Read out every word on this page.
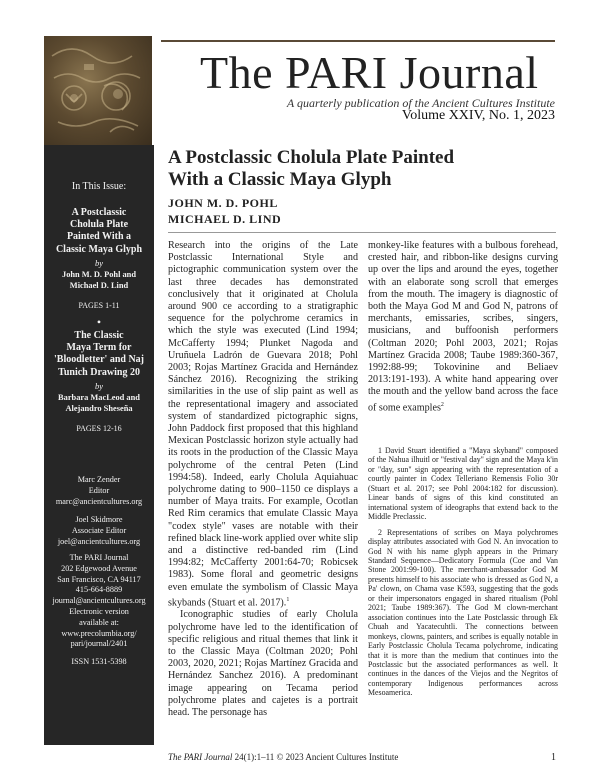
The PARI Journal
A quarterly publication of the Ancient Cultures Institute
Volume XXIV, No. 1, 2023
In This Issue:
A Postclassic
Cholula Plate
Painted With a
Classic Maya Glyph
by
John M. D. Pohl and
Michael D. Lind
PAGES 1-11
•
The Classic
Maya Term for
'Bloodletter' and Naj
Tunich Drawing 20
by
Barbara MacLeod and
Alejandro Sheseña
PAGES 12-16
Marc Zender
Editor
marc@ancientcultures.org
Joel Skidmore
Associate Editor
joel@ancientcultures.org
The PARI Journal
202 Edgewood Avenue
San Francisco, CA 94117
415-664-8889
journal@ancientcultures.org
Electronic version
available at:
www.precolumbia.org/
pari/journal/2401
ISSN 1531-5398
A Postclassic Cholula Plate Painted
With a Classic Maya Glyph
JOHN M. D. POHL
MICHAEL D. LIND

Research into the origins of the Late Postclassic International Style and pictographic communication system over the last three decades has demonstrated conclusively that it originated at Cholula around 900 ce according to a stratigraphic sequence for the polychrome ceramics in which the style was executed (Lind 1994; McCafferty 1994; Plunket Nagoda and Uruñuela Ladrón de Guevara 2018; Pohl 2003; Rojas Martínez Gracida and Hernández Sánchez 2016). Recognizing the striking similarities in the use of slip paint as well as the representational imagery and associated system of standardized pictographic signs, John Paddock first proposed that this highland Mexican Postclassic horizon style actually had its roots in the production of the Classic Maya polychrome of the central Peten (Lind 1994:58). Indeed, early Cholula Aquiahuac polychrome dating to 900–1150 ce displays a number of Maya traits. For example, Ocotlan Red Rim ceramics that emulate Classic Maya "codex style" vases are notable with their refined black line-work applied over white slip and a distinctive red-banded rim (Lind 1994:82; McCafferty 2001:64-70; Robicsek 1983). Some floral and geometric designs even emulate the symbolism of Classic Maya skybands (Stuart et al. 2017).$^1$

Iconographic studies of early Cholula polychrome have led to the identification of specific religious and ritual themes that link it to the Classic Maya (Coltman 2020; Pohl 2003, 2020, 2021; Rojas Martínez Gracida and Hernández Sanchez 2016). A predominant image appearing on Tecama period polychrome plates and cajetes is a portrait head. The personage has

monkey-like features with a bulbous forehead, crested hair, and ribbon-like designs curving up over the lips and around the eyes, together with an elaborate song scroll that emerges from the mouth. The imagery is diagnostic of both the Maya God M and God N, patrons of merchants, emissaries, scribes, singers, musicians, and buffoonish performers (Coltman 2020; Pohl 2003, 2021; Rojas Martínez Gracida 2008; Taube 1989:360-367, 1992:88-99; Tokovinine and Beliaev 2013:191-193). A white hand appearing over the mouth and the yellow band across the face of some examples$^2$

1 David Stuart identified a "Maya skyband" composed of the Nahua ilhuitl or "festival day" sign and the Maya k'in or "day, sun" sign appearing with the representation of a courtly painter in Codex Telleriano Remensis Folio 30r (Stuart et al. 2017; see Pohl 2004:182 for discussion). Linear bands of signs of this kind constituted an international system of ideographs that extend back to the Middle Preclassic.

2 Representations of scribes on Maya polychromes display attributes associated with God N. An invocation to God N with his name glyph appears in the Primary Standard Sequence—Dedicatory Formula (Coe and Van Stone 2001:99-100). The merchant-ambassador God M presents himself to his associate who is dressed as God N, a Pa' clown, on Chama vase K593, suggesting that the gods or their impersonators engaged in shared ritualism (Pohl 2021; Taube 1989:367). The God M clown-merchant association continues into the Late Postclassic through Ek Chuah and Yacatecuhtli. The connections between monkeys, clowns, painters, and scribes is equally notable in Early Postclassic Cholula Tecama polychrome, indicating that it is more than the medium that continues into the Postclassic but the associated performances as well. It continues in the dances of the Viejos and the Negritos of contemporary Indigenous performances across Mesoamerica.

The PARI Journal 24(1):1–11 © 2023 Ancient Cultures Institute	1
